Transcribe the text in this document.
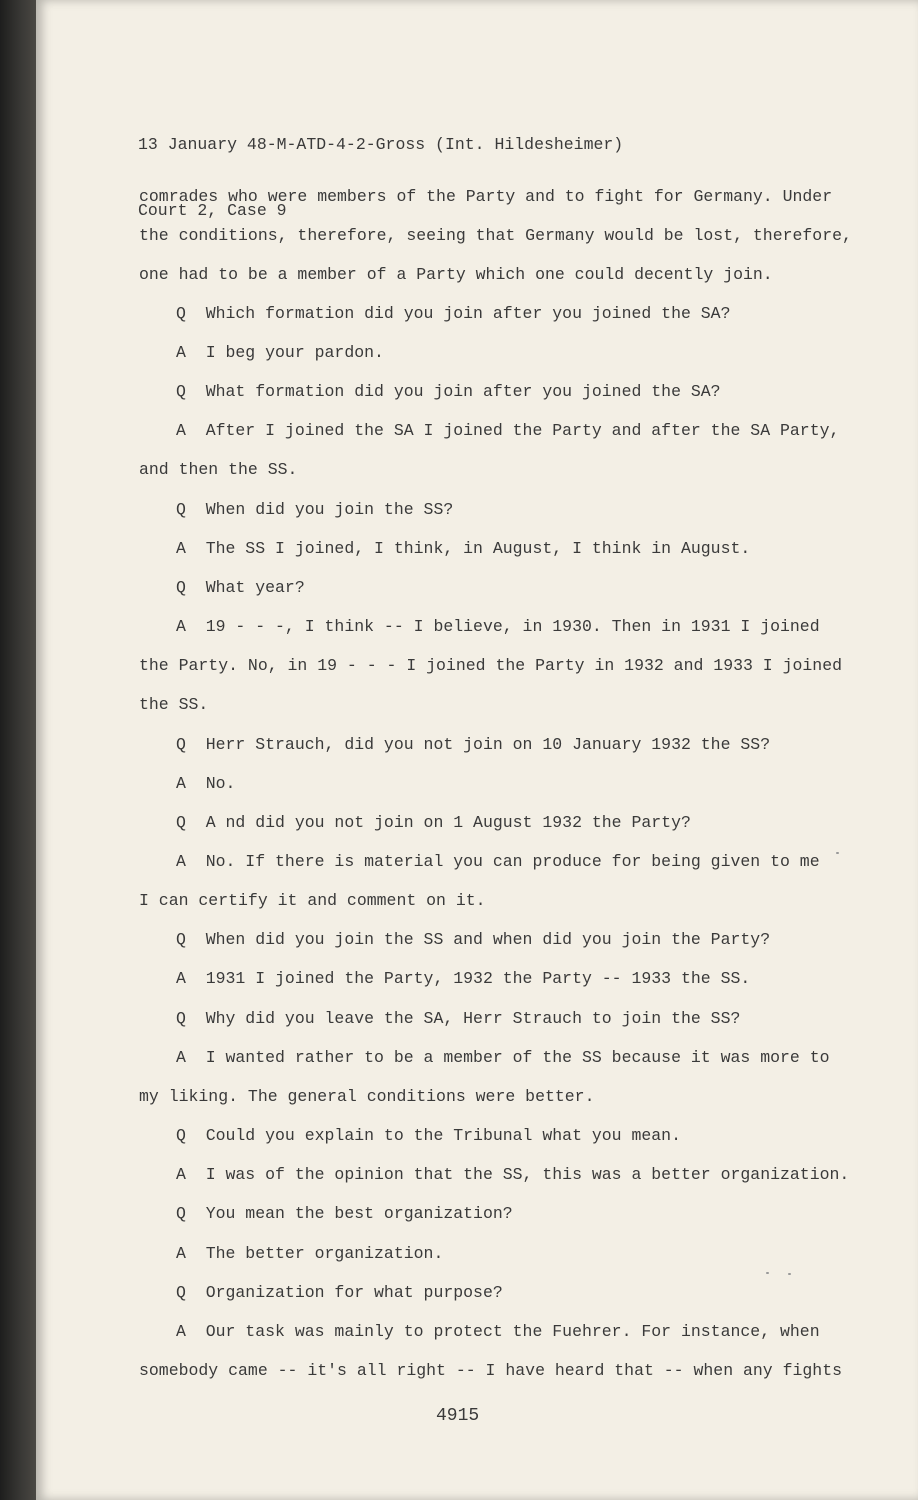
13 January 48-M-ATD-4-2-Gross (Int. Hildesheimer)

Court 2, Case 9

comrades who were members of the Party and to fight for Germany. Under
the conditions, therefore, seeing that Germany would be lost, therefore,
one had to be a member of a Party which one could decently join.
Q  Which formation did you join after you joined the SA?
A  I beg your pardon.
Q  What formation did you join after you joined the SA?
A  After I joined the SA I joined the Party and after the SA Party,
and then the SS.
Q  When did you join the SS?
A  The SS I joined, I think, in August, I think in August.
Q  What year?
A  19 - - -, I think -- I believe, in 1930. Then in 1931 I joined
the Party. No, in 19 - - - I joined the Party in 1932 and 1933 I joined
the SS.
Q  Herr Strauch, did you not join on 10 January 1932 the SS?
A  No.
Q  A nd did you not join on 1 August 1932 the Party?
A  No. If there is material you can produce for being given to me
I can certify it and comment on it.
Q  When did you join the SS and when did you join the Party?
A  1931 I joined the Party, 1932 the Party -- 1933 the SS.
Q  Why did you leave the SA, Herr Strauch to join the SS?
A  I wanted rather to be a member of the SS because it was more to
my liking. The general conditions were better.
Q  Could you explain to the Tribunal what you mean.
A  I was of the opinion that the SS, this was a better organization.
Q  You mean the best organization?
A  The better organization.
Q  Organization for what purpose?
A  Our task was mainly to protect the Fuehrer. For instance, when
somebody came -- it's all right -- I have heard that -- when any fights
4915
